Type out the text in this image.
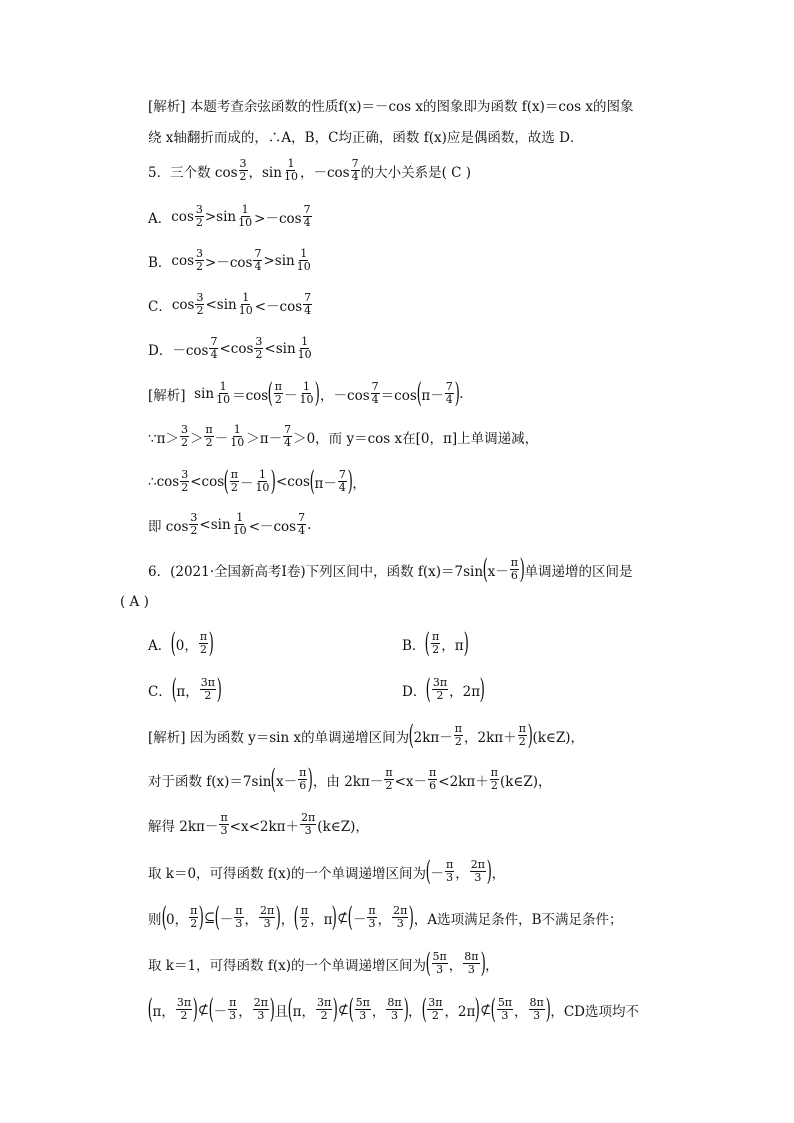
[解析] 本题考查余弦函数的性质f(x)＝－cos x的图象即为函数 f(x)＝cos x的图象
绕 x轴翻折而成的，∴A，B，C均正确，函数 f(x)应是偶函数，故选 D．
5．三个数 $\cos \frac{3}{2}$ ，$\sin \frac{1}{10}$ ，$-\cos \frac{7}{4}$ 的大小关系是( C )
A． $\cos \frac{3}{2} >\sin \frac{1}{10} >-\cos \frac{7}{4}$
B． $\cos \frac{3}{2} >-\cos \frac{7}{4} >\sin \frac{1}{10}$
C． $\cos \frac{3}{2} <\sin \frac{1}{10} <-\cos \frac{7}{4}$
D． $-\cos \frac{7}{4} <\cos \frac{3}{2} <\sin \frac{1}{10}$
[解析] $\sin \frac{1}{10} =\cos$ ( $\frac{\pi}{2} - \frac{1}{10}$ ) ，$-\cos \frac{7}{4} =\cos$ ( $\pi- \frac{7}{4}$ ) .
∵π＞ $\frac{3}{2} > \frac{\pi}{2} - \frac{1}{10} >\pi- \frac{7}{4} >0$，而 y＝cos x在[0，π]上单调递减，
∴cos $\frac{3}{2} <\cos$ ( $\frac{\pi}{2} - \frac{1}{10}$ ) <cos ( $\pi- \frac{7}{4}$ ) ，
即 $\cos \frac{3}{2} <\sin \frac{1}{10} <-\cos \frac{7}{4}$ .
6．(2021·全国新高考Ⅰ卷)下列区间中，函数 f(x)＝7sin ( $x- \frac{\pi}{6}$ ) 单调递增的区间是
( A )
A． ( 0， $\frac{\pi}{2}$ )	B． ( $\frac{\pi}{2}$ ，π )
C． ( π， $\frac{3\pi}{2}$ )	D． ( $\frac{3\pi}{2}$ ，2π )
[解析] 因为函数 y＝sin x的单调递增区间为 ( $2k\pi- \frac{\pi}{2}$ ，$2k\pi+ \frac{\pi}{2}$ ) (k∈Z)，
对于函数 f(x)＝7sin ( $x- \frac{\pi}{6}$ ) ，由 $2k\pi- \frac{\pi}{2} <x- \frac{\pi}{6} <2k\pi+ \frac{\pi}{2}$ (k∈Z)，
解得 $2k\pi- \frac{\pi}{3} <x<2k\pi+ \frac{2\pi}{3}$ (k∈Z)，
取 k＝0，可得函数 f(x)的一个单调递增区间为 ( － $\frac{\pi}{3}$ ， $\frac{2\pi}{3}$ ) ，
则 ( 0， $\frac{\pi}{2}$ ) ⊆ ( － $\frac{\pi}{3}$ ， $\frac{2\pi}{3}$ ) ， ( $\frac{\pi}{2}$ ，π ) ⊄ ( － $\frac{\pi}{3}$ ， $\frac{2\pi}{3}$ ) ，A选项满足条件，B不满足条件；
取 k＝1，可得函数 f(x)的一个单调递增区间为 ( $\frac{5\pi}{3}$ ， $\frac{8\pi}{3}$ ) ，
( π， $\frac{3\pi}{2}$ ) ⊄ ( － $\frac{\pi}{3}$ ， $\frac{2\pi}{3}$ ) 且 ( π， $\frac{3\pi}{2}$ ) ⊄ ( $\frac{5\pi}{3}$ ， $\frac{8\pi}{3}$ ) ， ( $\frac{3\pi}{2}$ ，2π ) ⊄ ( $\frac{5\pi}{3}$ ， $\frac{8\pi}{3}$ ) ，CD选项均不
